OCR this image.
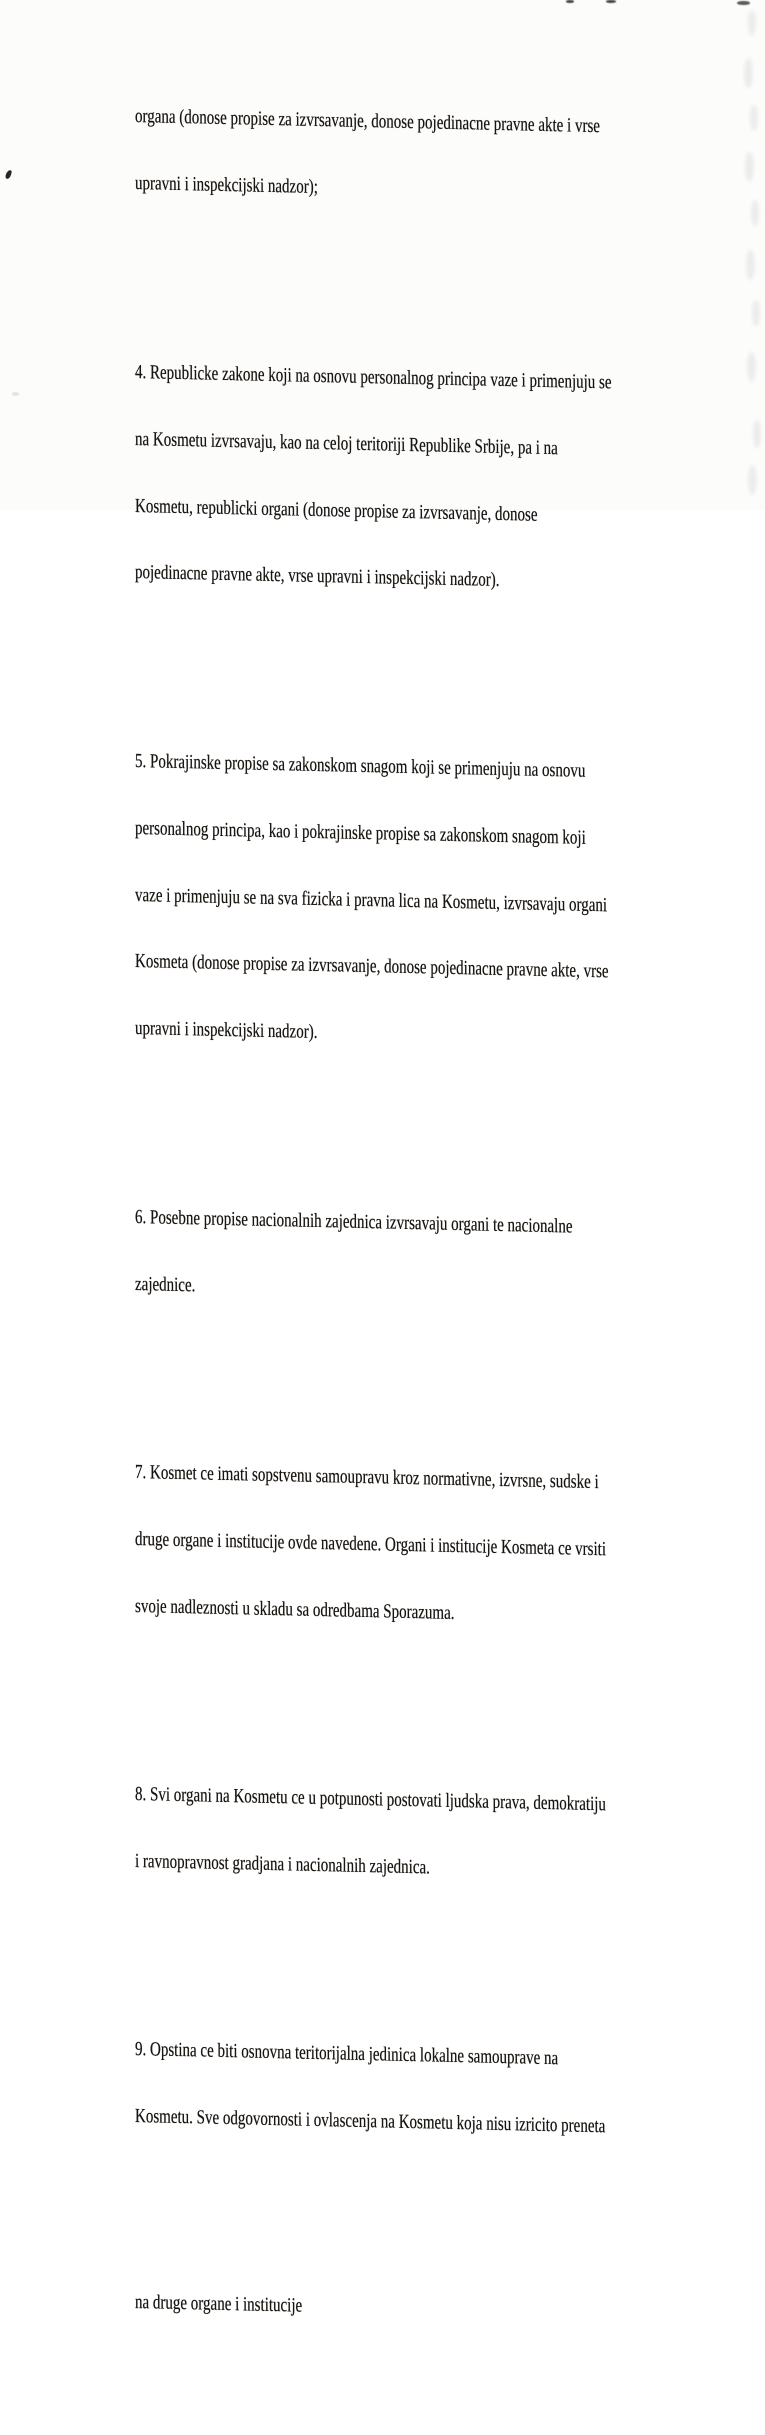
organa (donose propise za izvrsavanje, donose pojedinacne pravne akte i vrse

upravni i inspekcijski nadzor);

4. Republicke zakone koji na osnovu personalnog principa vaze i primenjuju se

na Kosmetu izvrsavaju, kao na celoj teritoriji Republike Srbije, pa i na

Kosmetu, republicki organi (donose propise za izvrsavanje, donose

pojedinacne pravne akte, vrse upravni i inspekcijski nadzor).

5. Pokrajinske propise sa zakonskom snagom koji se primenjuju na osnovu

personalnog principa, kao i pokrajinske propise sa zakonskom snagom koji

vaze i primenjuju se na sva fizicka i pravna lica na Kosmetu, izvrsavaju organi

Kosmeta (donose propise za izvrsavanje, donose pojedinacne pravne akte, vrse

upravni i inspekcijski nadzor).

6. Posebne propise nacionalnih zajednica izvrsavaju organi te nacionalne

zajednice.

7. Kosmet ce imati sopstvenu samoupravu kroz normativne, izvrsne, sudske i

druge organe i institucije ovde navedene. Organi i institucije Kosmeta ce vrsiti

svoje nadleznosti u skladu sa odredbama Sporazuma.

8. Svi organi na Kosmetu ce u potpunosti postovati ljudska prava, demokratiju

i ravnopravnost gradjana i nacionalnih zajednica.

9. Opstina ce biti osnovna teritorijalna jedinica lokalne samouprave na

Kosmetu. Sve odgovornosti i ovlascenja na Kosmetu koja nisu izricito preneta

na druge organe i institucije
